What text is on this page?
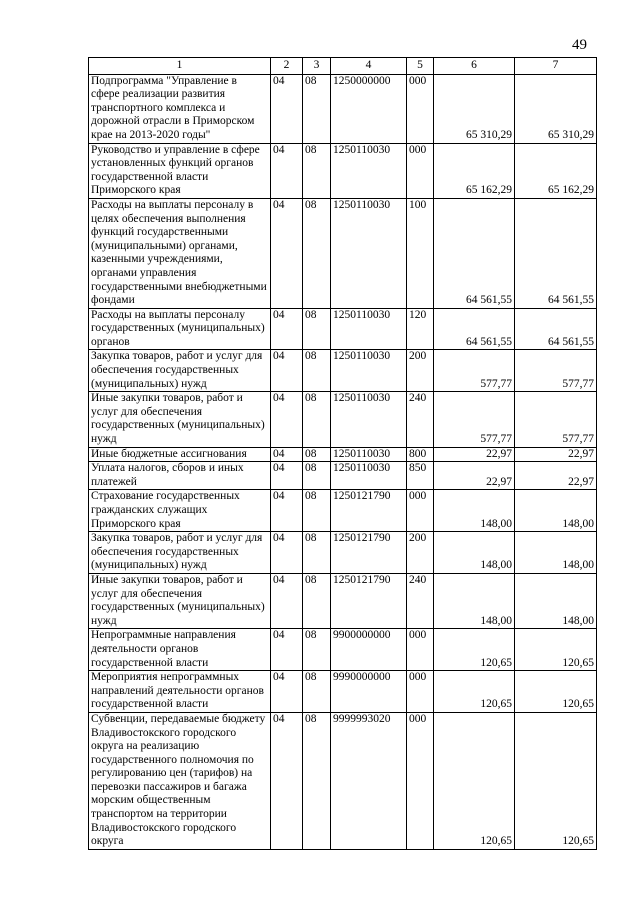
49
1	2	3	4	5	6	7
Подпрограмма "Управление в сфере реализации развития транспортного комплекса и дорожной отрасли в Приморском крае на 2013-2020 годы"	04	08	1250000000	000	65 310,29	65 310,29
Руководство и управление в сфере установленных функций органов государственной власти Приморского края	04	08	1250110030	000	65 162,29	65 162,29
Расходы на выплаты персоналу в целях обеспечения выполнения функций государственными (муниципальными) органами, казенными учреждениями, органами управления государственными внебюджетными фондами	04	08	1250110030	100	64 561,55	64 561,55
Расходы на выплаты персоналу государственных (муниципальных) органов	04	08	1250110030	120	64 561,55	64 561,55
Закупка товаров, работ и услуг для обеспечения государственных (муниципальных) нужд	04	08	1250110030	200	577,77	577,77
Иные закупки товаров, работ и услуг для обеспечения государственных (муниципальных) нужд	04	08	1250110030	240	577,77	577,77
Иные бюджетные ассигнования	04	08	1250110030	800	22,97	22,97
Уплата налогов, сборов и иных платежей	04	08	1250110030	850	22,97	22,97
Страхование государственных гражданских служащих Приморского края	04	08	1250121790	000	148,00	148,00
Закупка товаров, работ и услуг для обеспечения государственных (муниципальных) нужд	04	08	1250121790	200	148,00	148,00
Иные закупки товаров, работ и услуг для обеспечения государственных (муниципальных) нужд	04	08	1250121790	240	148,00	148,00
Непрограммные направления деятельности органов государственной власти	04	08	9900000000	000	120,65	120,65
Мероприятия непрограммных направлений деятельности органов государственной власти	04	08	9990000000	000	120,65	120,65
Субвенции, передаваемые бюджету Владивостокского городского округа на реализацию государственного полномочия по регулированию цен (тарифов) на перевозки пассажиров и багажа морским общественным транспортом на территории Владивостокского городского округа	04	08	9999993020	000	120,65	120,65
